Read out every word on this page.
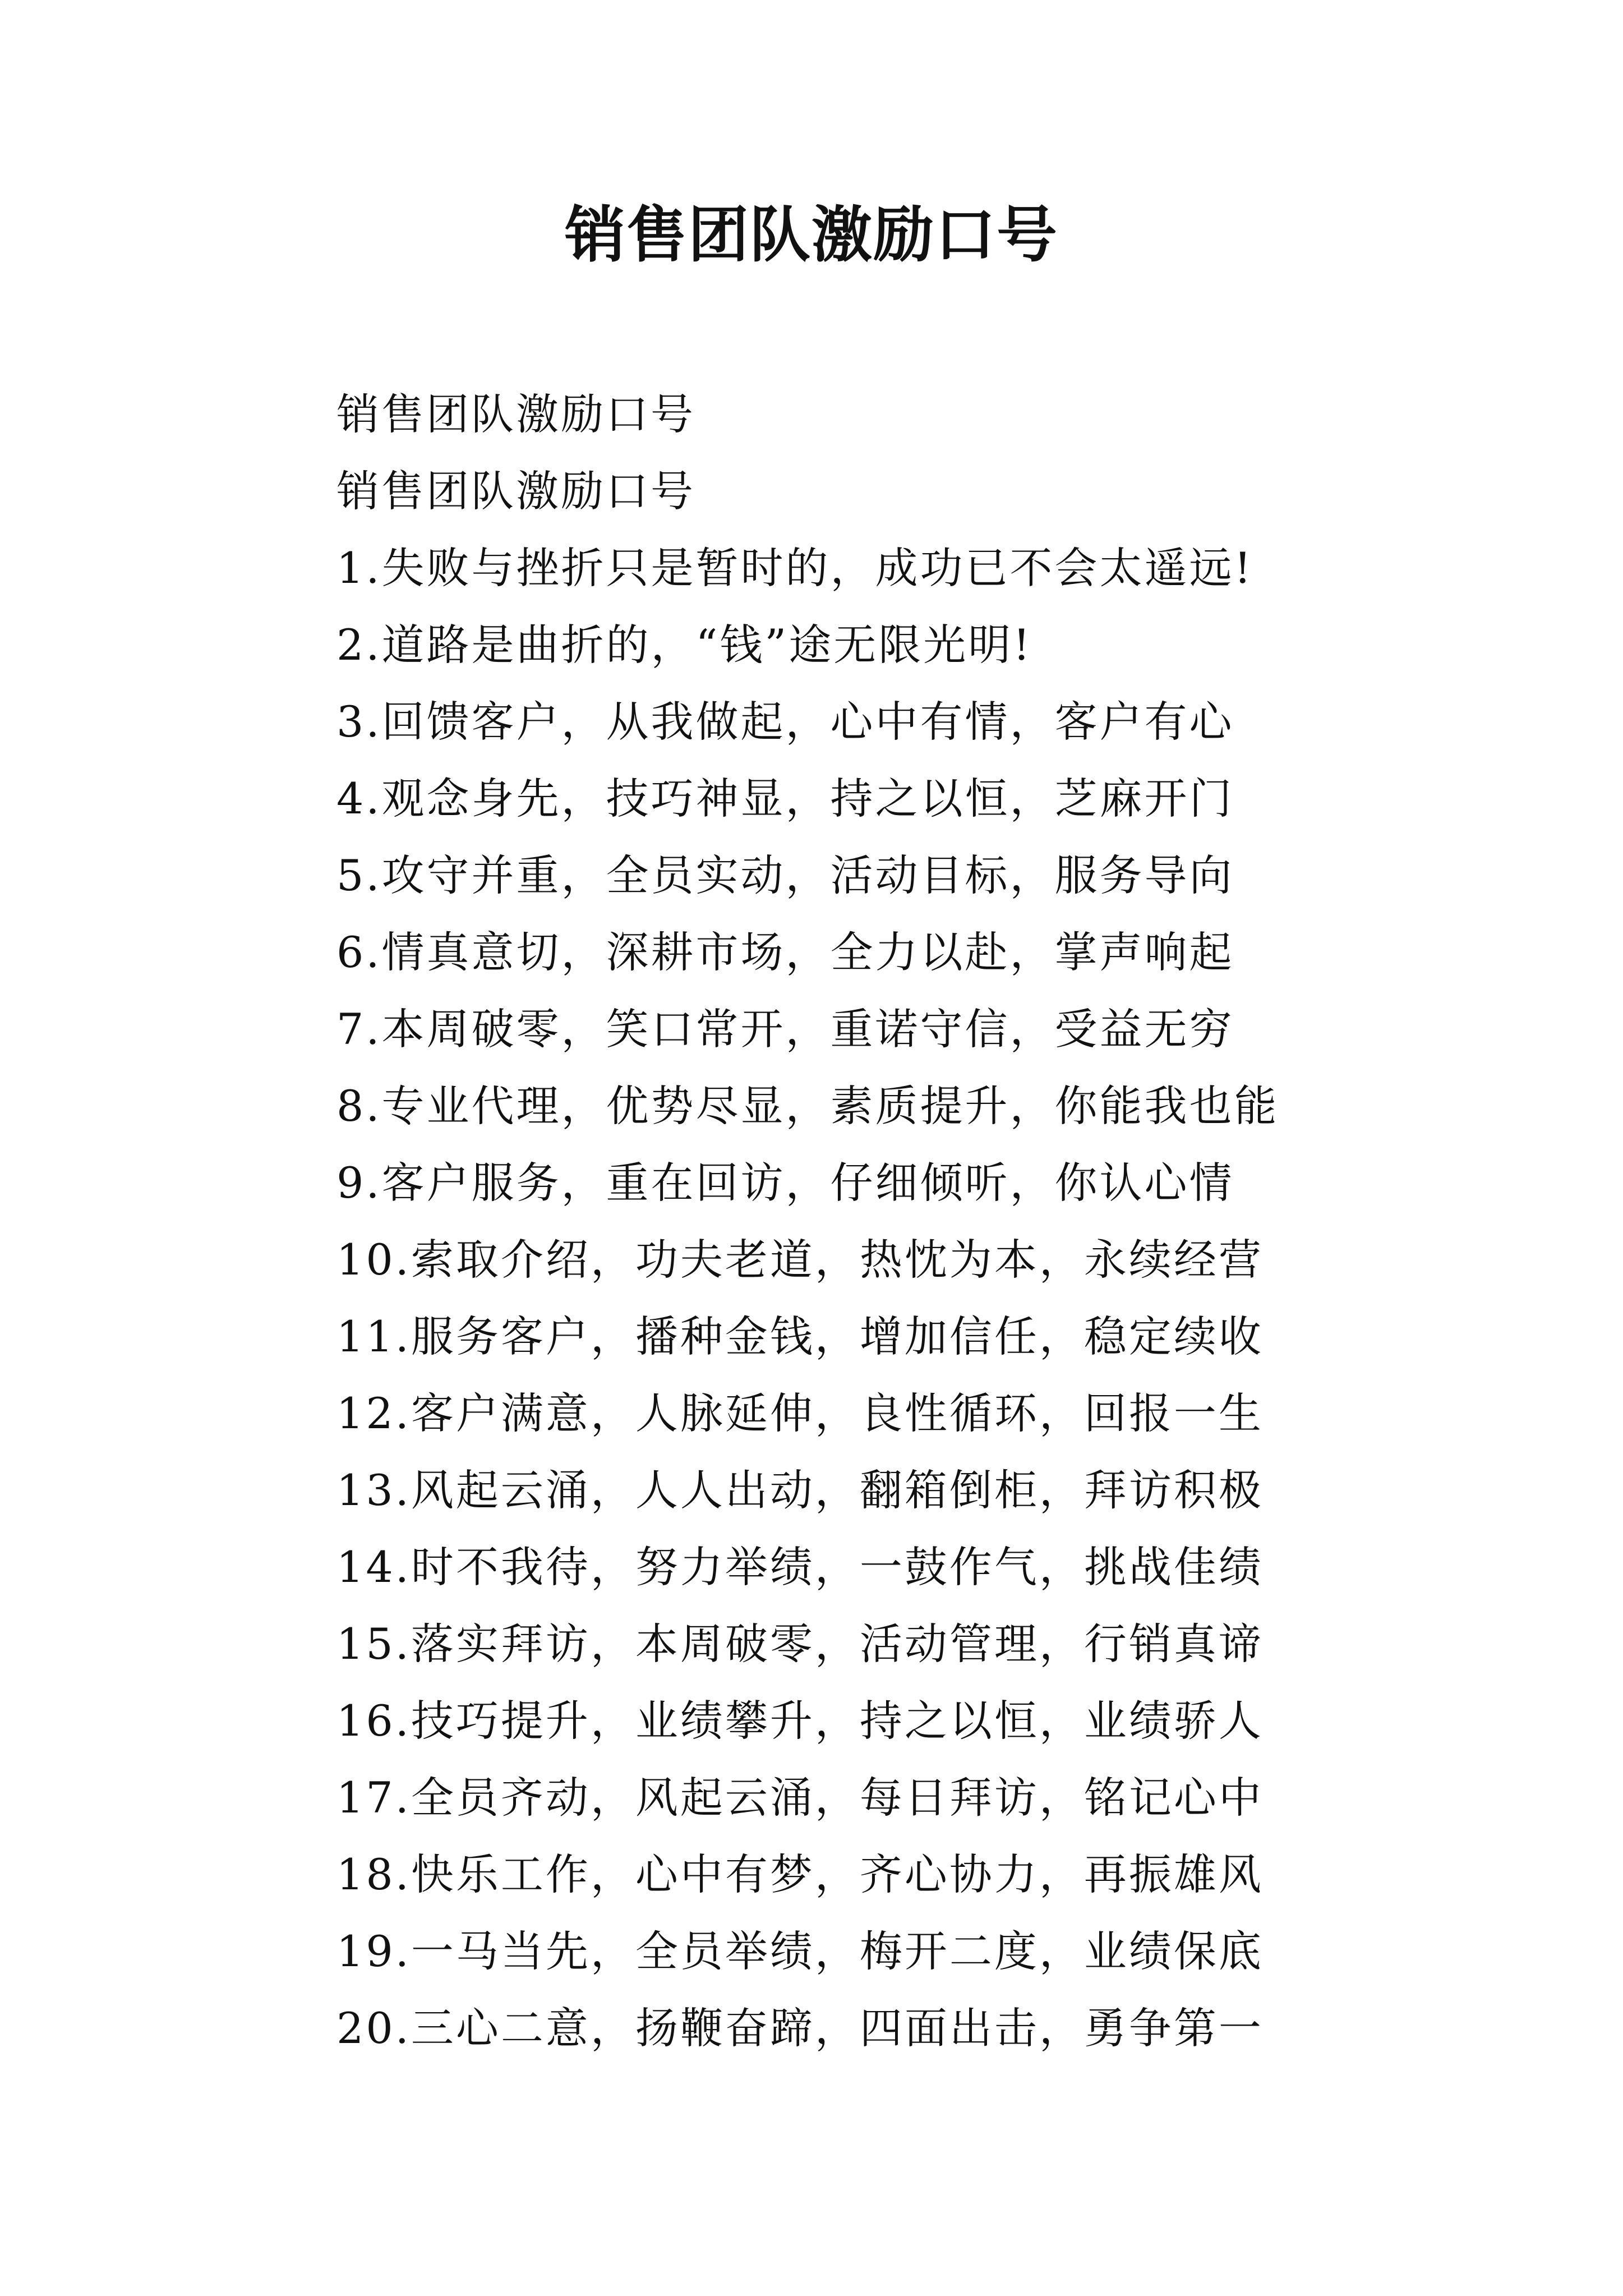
销售团队激励口号
销售团队激励口号
销售团队激励口号
1.失败与挫折只是暂时的，成功已不会太遥远!
2.道路是曲折的，“钱”途无限光明!
3.回馈客户，从我做起，心中有情，客户有心
4.观念身先，技巧神显，持之以恒，芝麻开门
5.攻守并重，全员实动，活动目标，服务导向
6.情真意切，深耕市场，全力以赴，掌声响起
7.本周破零，笑口常开，重诺守信，受益无穷
8.专业代理，优势尽显，素质提升，你能我也能
9.客户服务，重在回访，仔细倾听，你认心情
10.索取介绍，功夫老道，热忱为本，永续经营
11.服务客户，播种金钱，增加信任，稳定续收
12.客户满意，人脉延伸，良性循环，回报一生
13.风起云涌，人人出动，翻箱倒柜，拜访积极
14.时不我待，努力举绩，一鼓作气，挑战佳绩
15.落实拜访，本周破零，活动管理，行销真谛
16.技巧提升，业绩攀升，持之以恒，业绩骄人
17.全员齐动，风起云涌，每日拜访，铭记心中
18.快乐工作，心中有梦，齐心协力，再振雄风
19.一马当先，全员举绩，梅开二度，业绩保底
20.三心二意，扬鞭奋蹄，四面出击，勇争第一
